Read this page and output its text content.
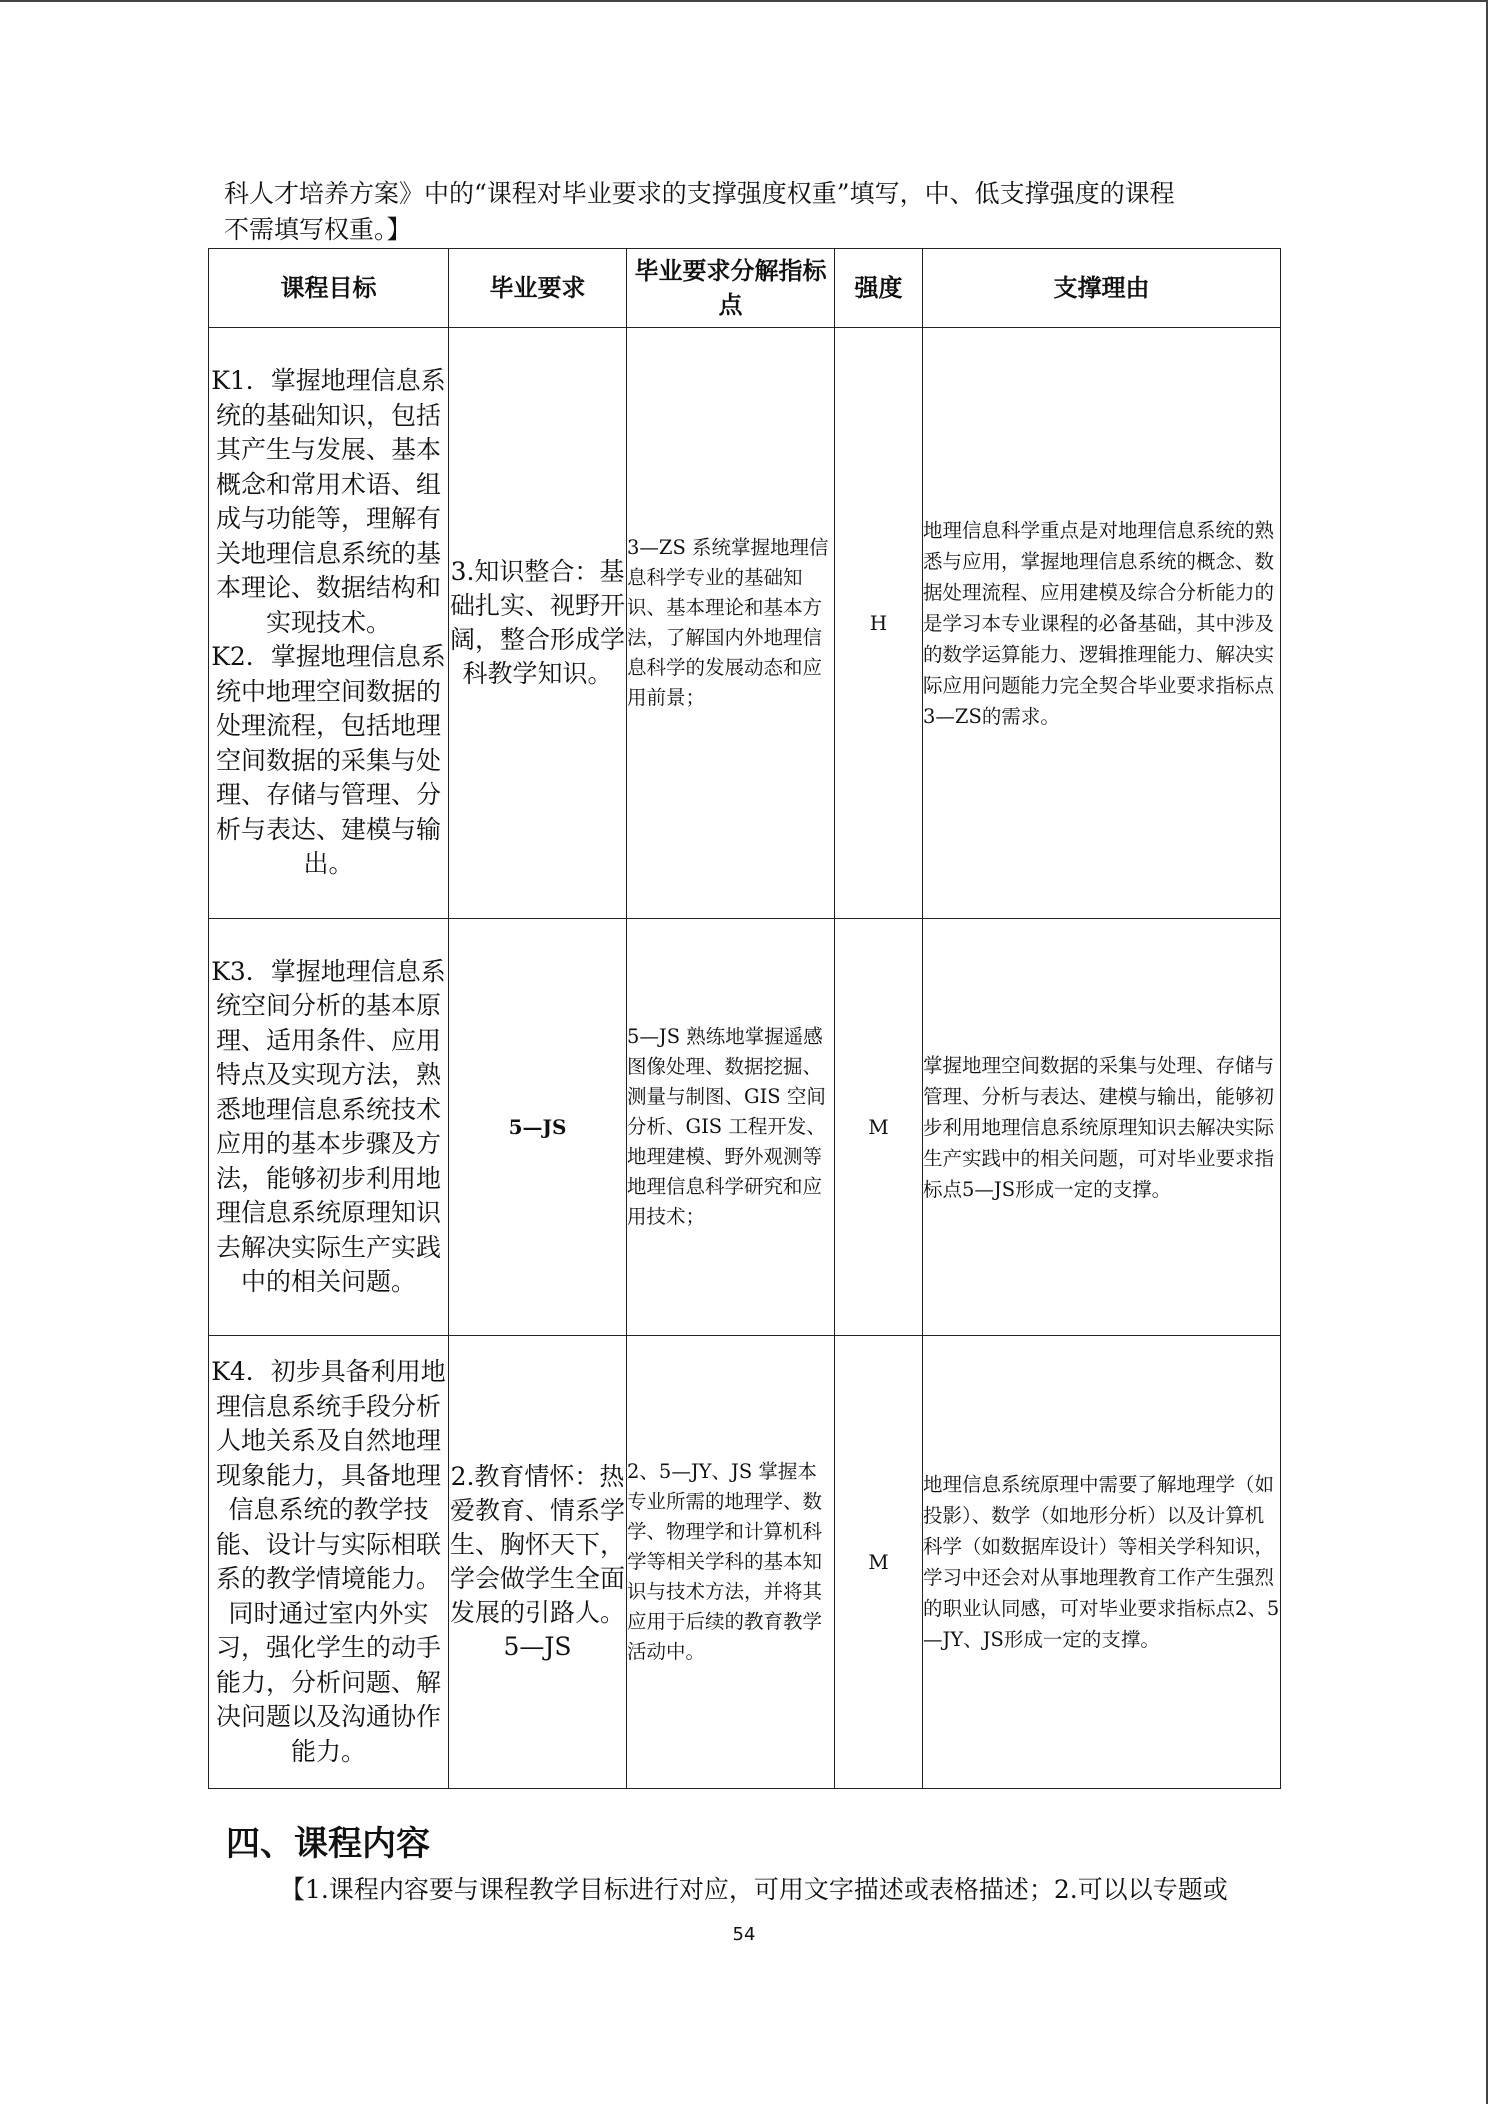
科人才培养方案》中的“课程对毕业要求的支撑强度权重”填写，中、低支撑强度的课程
不需填写权重。】

课程目标	毕业要求	毕业要求分解指标点	强度	支撑理由
K1．掌握地理信息系统的基础知识，包括其产生与发展、基本概念和常用术语、组成与功能等，理解有关地理信息系统的基本理论、数据结构和实现技术。
K2．掌握地理信息系统中地理空间数据的处理流程，包括地理空间数据的采集与处理、存储与管理、分析与表达、建模与输出。	3.知识整合：基础扎实、视野开阔，整合形成学科教学知识。	3—ZS 系统掌握地理信息科学专业的基础知识、基本理论和基本方法，了解国内外地理信息科学的发展动态和应用前景；	H	地理信息科学重点是对地理信息系统的熟悉与应用，掌握地理信息系统的概念、数据处理流程、应用建模及综合分析能力的是学习本专业课程的必备基础，其中涉及的数学运算能力、逻辑推理能力、解决实际应用问题能力完全契合毕业要求指标点3—ZS的需求。
K3．掌握地理信息系统空间分析的基本原理、适用条件、应用特点及实现方法，熟悉地理信息系统技术应用的基本步骤及方法，能够初步利用地理信息系统原理知识去解决实际生产实践中的相关问题。	5—JS	5—JS 熟练地掌握遥感图像处理、数据挖掘、测量与制图、GIS 空间分析、GIS 工程开发、地理建模、野外观测等地理信息科学研究和应用技术；	M	掌握地理空间数据的采集与处理、存储与管理、分析与表达、建模与输出，能够初步利用地理信息系统原理知识去解决实际生产实践中的相关问题，可对毕业要求指标点5—JS形成一定的支撑。
K4．初步具备利用地理信息系统手段分析人地关系及自然地理现象能力，具备地理信息系统的教学技能、设计与实际相联系的教学情境能力。同时通过室内外实习，强化学生的动手能力，分析问题、解决问题以及沟通协作能力。	2.教育情怀：热爱教育、情系学生、胸怀天下，学会做学生全面发展的引路人。5—JS	2、5—JY、JS 掌握本专业所需的地理学、数学、物理学和计算机科学等相关学科的基本知识与技术方法，并将其应用于后续的教育教学活动中。	M	地理信息系统原理中需要了解地理学（如投影）、数学（如地形分析）以及计算机科学（如数据库设计）等相关学科知识，学习中还会对从事地理教育工作产生强烈的职业认同感，可对毕业要求指标点2、5—JY、JS形成一定的支撑。
四、课程内容

【1.课程内容要与课程教学目标进行对应，可用文字描述或表格描述；2.可以以专题或

54
